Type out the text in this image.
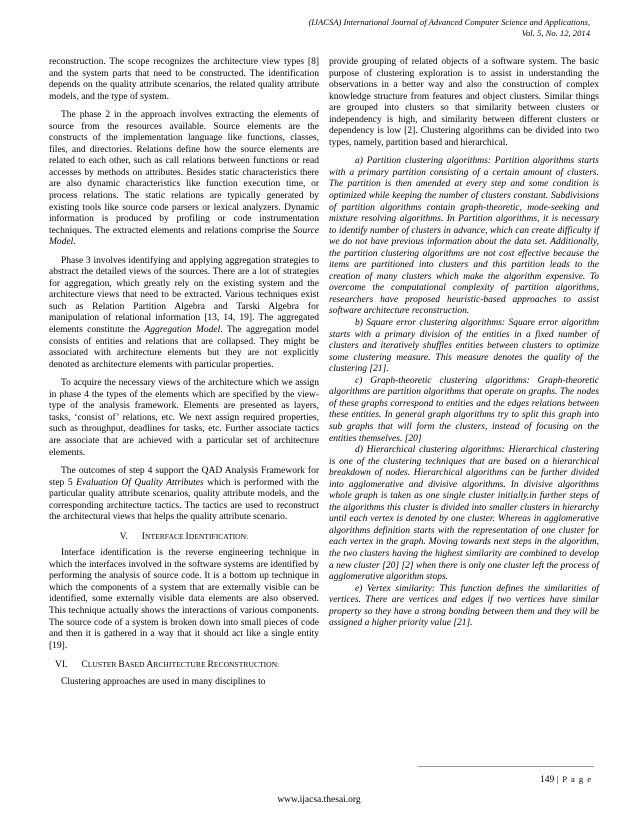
(IJACSA) International Journal of Advanced Computer Science and Applications,
Vol. 5, No. 12, 2014

reconstruction. The scope recognizes the architecture view types [8] and the system parts that need to be constructed. The identification depends on the quality attribute scenarios, the related quality attribute models, and the type of system.

The phase 2 in the approach involves extracting the elements of source from the resources available. Source elements are the constructs of the implementation language like functions, classes, files, and directories. Relations define how the source elements are related to each other, such as call relations between functions or read accesses by methods on attributes. Besides static characteristics there are also dynamic characteristics like function execution time, or process relations. The static relations are typically generated by existing tools like source code parsers or lexical analyzers. Dynamic information is produced by profiling or code instrumentation techniques. The extracted elements and relations comprise the Source Model.

Phase 3 involves identifying and applying aggregation strategies to abstract the detailed views of the sources. There are a lot of strategies for aggregation, which greatly rely on the existing system and the architecture views that need to be extracted. Various techniques exist such as Relation Partition Algebra and Tarski Algebra for manipulation of relational information [13, 14, 19]. The aggregated elements constitute the Aggregation Model. The aggregation model consists of entities and relations that are collapsed. They might be associated with architecture elements but they are not explicitly denoted as architecture elements with particular properties.

To acquire the necessary views of the architecture which we assign in phase 4 the types of the elements which are specified by the view-type of the analysis framework. Elements are presented as layers, tasks, ‘consist of’ relations, etc. We next assign required properties, such as throughput, deadlines for tasks, etc. Further associate tactics are associate that are achieved with a particular set of architecture elements.

The outcomes of step 4 support the QAD Analysis Framework for step 5 Evaluation Of Quality Attributes which is performed with the particular quality attribute scenarios, quality attribute models, and the corresponding architecture tactics. The tactics are used to reconstruct the architectural views that helps the quality attribute scenario.

V. INTERFACE IDENTIFICATION:

Interface identification is the reverse engineering technique in which the interfaces involved in the software systems are identified by performing the analysis of source code. It is a bottom up technique in which the components of a system that are externally visible can be identified, some externally visible data elements are also observed. This technique actually shows the interactions of various components. The source code of a system is broken down into small pieces of code and then it is gathered in a way that it should act like a single entity [19].

VI. CLUSTER BASED ARCHITECTURE RECONSTRUCTION:

Clustering approaches are used in many disciplines to

provide grouping of related objects of a software system. The basic purpose of clustering exploration is to assist in understanding the observations in a better way and also the construction of complex knowledge structure from features and object clusters. Similar things are grouped into clusters so that similarity between clusters or independency is high, and similarity between different clusters or dependency is low [2]. Clustering algorithms can be divided into two types, namely, partition based and hierarchical.

a) Partition clustering algorithms: Partition algorithms starts with a primary partition consisting of a certain amount of clusters. The partition is then amended at every step and some condition is optimized while keeping the number of clusters constant. Subdivisions of partition algorithms contain graph-theoretic, mode-seeking and mixture resolving algorithms. In Partition algorithms, it is necessary to identify number of clusters in advance, which can create difficulty if we do not have previous information about the data set. Additionally, the partition clustering algorithms are not cost effective because the items are partitioned into clusters and this partition leads to the creation of many clusters which make the algorithm expensive. To overcome the computational complexity of partition algorithms, researchers have proposed heuristic-based approaches to assist software architecture reconstruction.

b) Square error clustering algorithms: Square error algorithm starts with a primary division of the entities in a fixed number of clusters and iteratively shuffles entities between clusters to optimize some clustering measure. This measure denotes the quality of the clustering [21].

c) Graph-theoretic clustering algorithms: Graph-theoretic algorithms are partition algorithms that operate on graphs. The nodes of these graphs correspond to entities and the edges relations between these entities. In general graph algorithms try to split this graph into sub graphs that will form the clusters, instead of focusing on the entities themselves. [20]

d) Hierarchical clustering algorithms: Hierarchical clustering is one of the clustering techniques that are based on a hierarchical breakdown of nodes. Hierarchical algorithms can be further divided into agglomerative and divisive algorithms. In divisive algorithms whole graph is taken as one single cluster initially.in further steps of the algorithms this cluster is divided into smaller clusters in hierarchy until each vertex is denoted by one cluster. Whereas in agglomerative algorithms definition starts with the representation of one cluster for each vertex in the graph. Moving towards next steps in the algorithm, the two clusters having the highest similarity are combined to develop a new cluster [20] [2] when there is only one cluster left the process of agglomerative algorithm stops.

e) Vertex similarity: This function defines the similarities of vertices. There are vertices and edges if two vertices have similar property so they have a strong bonding between them and they will be assigned a higher priority value [21].

149 | P a g e
www.ijacsa.thesai.org
